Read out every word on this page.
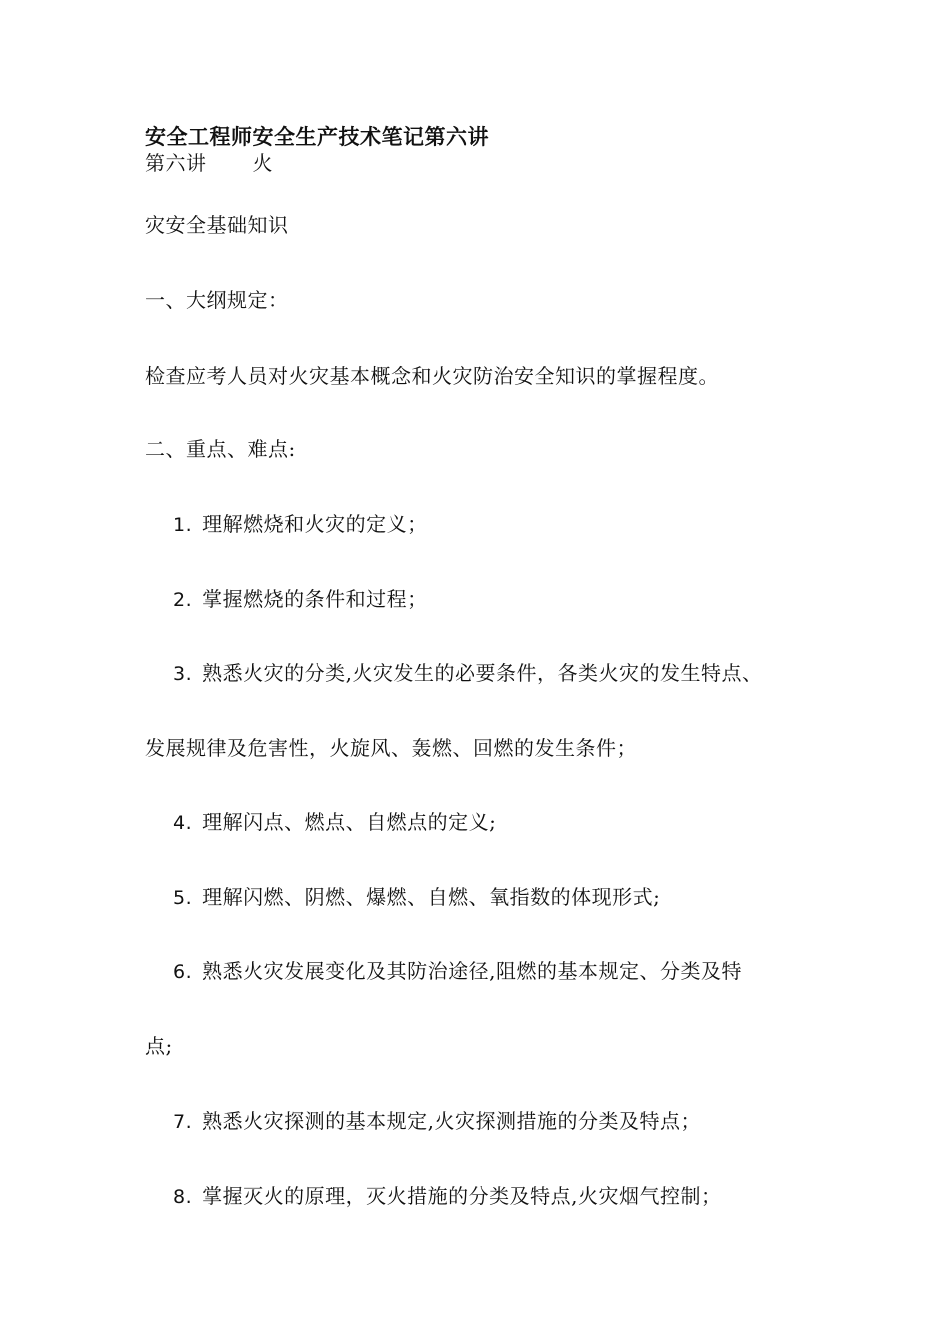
安全工程师安全生产技术笔记第六讲
第六讲 火
灾安全基础知识
一、大纲规定：
检查应考人员对火灾基本概念和火灾防治安全知识的掌握程度。
二、重点、难点:
1. 理解燃烧和火灾的定义；
2. 掌握燃烧的条件和过程；
3. 熟悉火灾的分类,火灾发生的必要条件，各类火灾的发生特点、
发展规律及危害性，火旋风、轰燃、回燃的发生条件；
4. 理解闪点、燃点、自燃点的定义;
5. 理解闪燃、阴燃、爆燃、自燃、氧指数的体现形式;
6. 熟悉火灾发展变化及其防治途径,阻燃的基本规定、分类及特
点;
7. 熟悉火灾探测的基本规定,火灾探测措施的分类及特点；
8. 掌握灭火的原理，灭火措施的分类及特点,火灾烟气控制；
